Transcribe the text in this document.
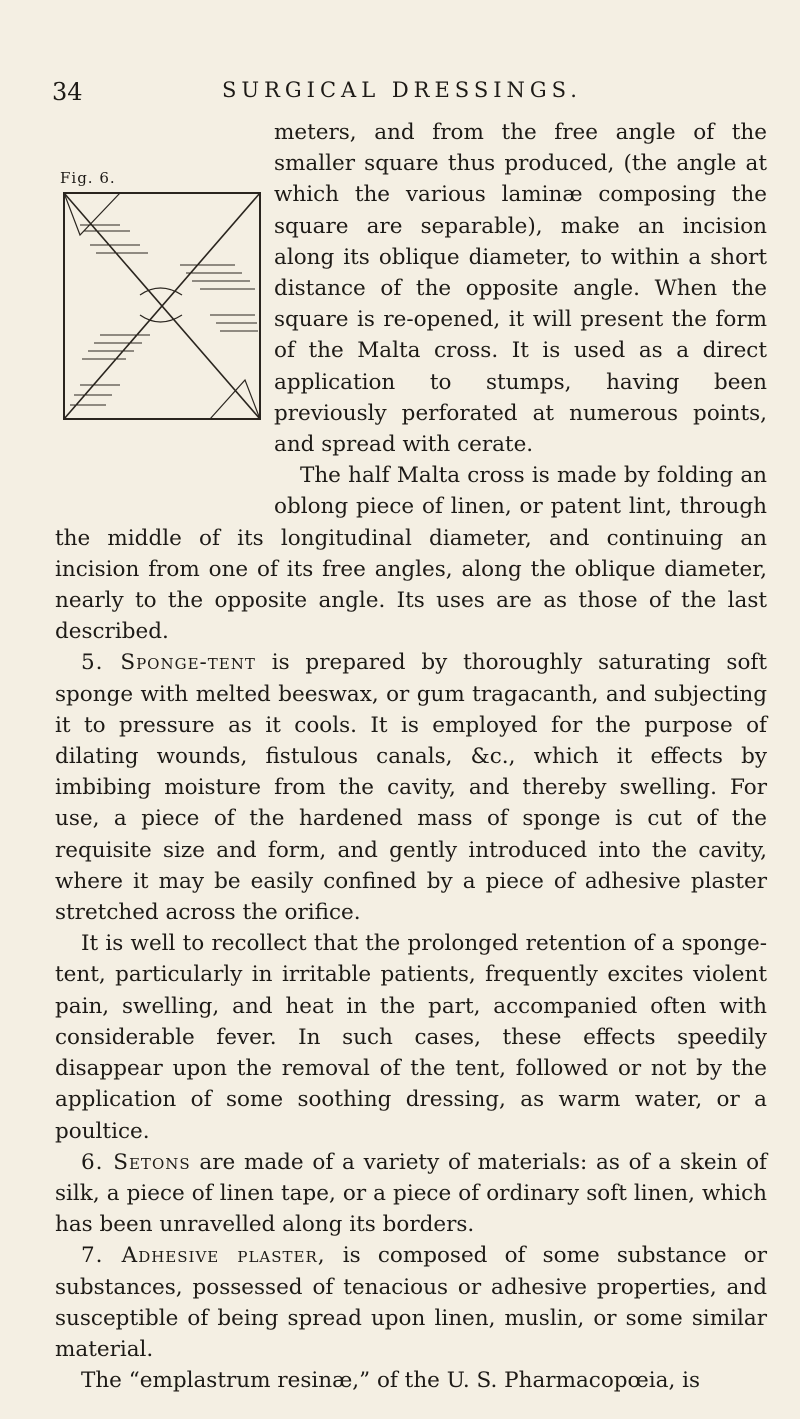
34	SURGICAL DRESSINGS.
Fig. 6.

meters, and from the free angle of the smaller square thus produced, (the angle at which the various laminæ composing the square are separable), make an incision along its oblique diameter, to within a short distance of the opposite angle. When the square is re-opened, it will present the form of the Malta cross. It is used as a direct application to stumps, having been previously perforated at numerous points, and spread with cerate.

The half Malta cross is made by folding an oblong piece of linen, or patent lint, through the middle of its longitudinal diameter, and continuing an incision from one of its free angles, along the oblique diameter, nearly to the opposite angle. Its uses are as those of the last described.

5. Sponge-tent is prepared by thoroughly saturating soft sponge with melted beeswax, or gum tragacanth, and subjecting it to pressure as it cools. It is employed for the purpose of dilating wounds, fistulous canals, &c., which it effects by imbibing moisture from the cavity, and thereby swelling. For use, a piece of the hardened mass of sponge is cut of the requisite size and form, and gently introduced into the cavity, where it may be easily confined by a piece of adhesive plaster stretched across the orifice.

It is well to recollect that the prolonged retention of a sponge-tent, particularly in irritable patients, frequently excites violent pain, swelling, and heat in the part, accompanied often with considerable fever. In such cases, these effects speedily disappear upon the removal of the tent, followed or not by the application of some soothing dressing, as warm water, or a poultice.

6. Setons are made of a variety of materials: as of a skein of silk, a piece of linen tape, or a piece of ordinary soft linen, which has been unravelled along its borders.

7. Adhesive plaster, is composed of some substance or substances, possessed of tenacious or adhesive properties, and susceptible of being spread upon linen, muslin, or some similar material.

The “emplastrum resinæ,” of the U. S. Pharmacopœia, is
